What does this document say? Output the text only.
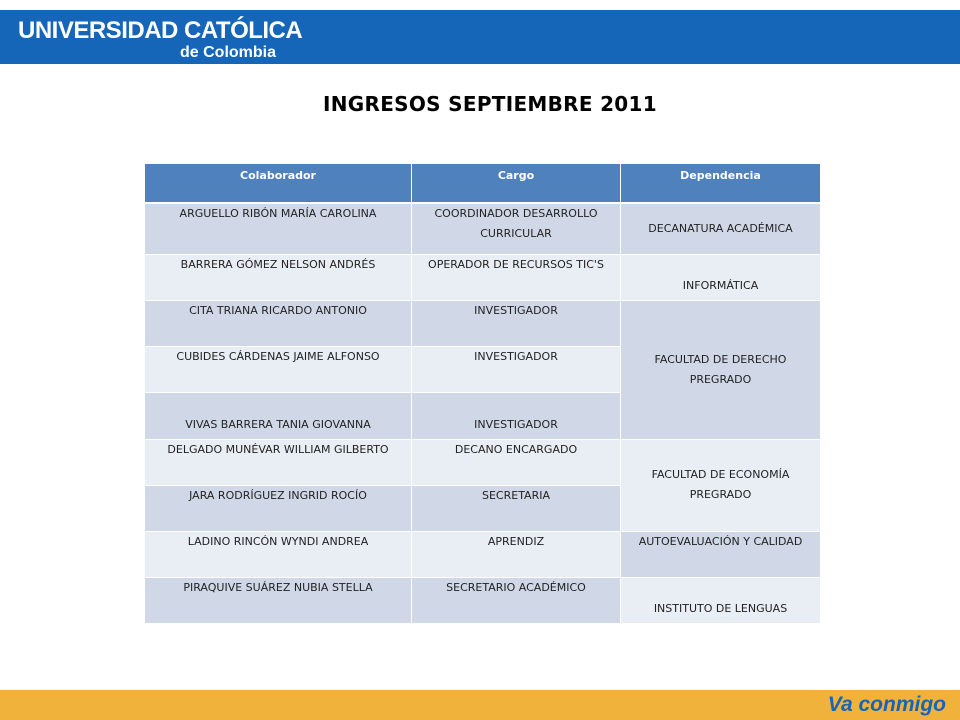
UNIVERSIDAD CATÓLICA
de Colombia
INGRESOS SEPTIEMBRE 2011
Colaborador	Cargo	Dependencia
ARGUELLO RIBÓN MARÍA CAROLINA	COORDINADOR DESARROLLO CURRICULAR	DECANATURA ACADÉMICA
BARRERA GÓMEZ NELSON ANDRÉS	OPERADOR DE RECURSOS TIC'S	INFORMÁTICA
CITA TRIANA RICARDO ANTONIO	INVESTIGADOR	FACULTAD DE DERECHO PREGRADO
CUBIDES CÁRDENAS JAIME ALFONSO	INVESTIGADOR	
VIVAS BARRERA TANIA GIOVANNA	INVESTIGADOR	
DELGADO MUNÉVAR WILLIAM GILBERTO	DECANO ENCARGADO	FACULTAD DE ECONOMÍA PREGRADO
JARA RODRÍGUEZ INGRID ROCÍO	SECRETARIA	
LADINO RINCÓN WYNDI ANDREA	APRENDIZ	AUTOEVALUACIÓN Y CALIDAD
PIRAQUIVE SUÁREZ NUBIA STELLA	SECRETARIO ACADÉMICO	INSTITUTO DE LENGUAS
Va conmigo
